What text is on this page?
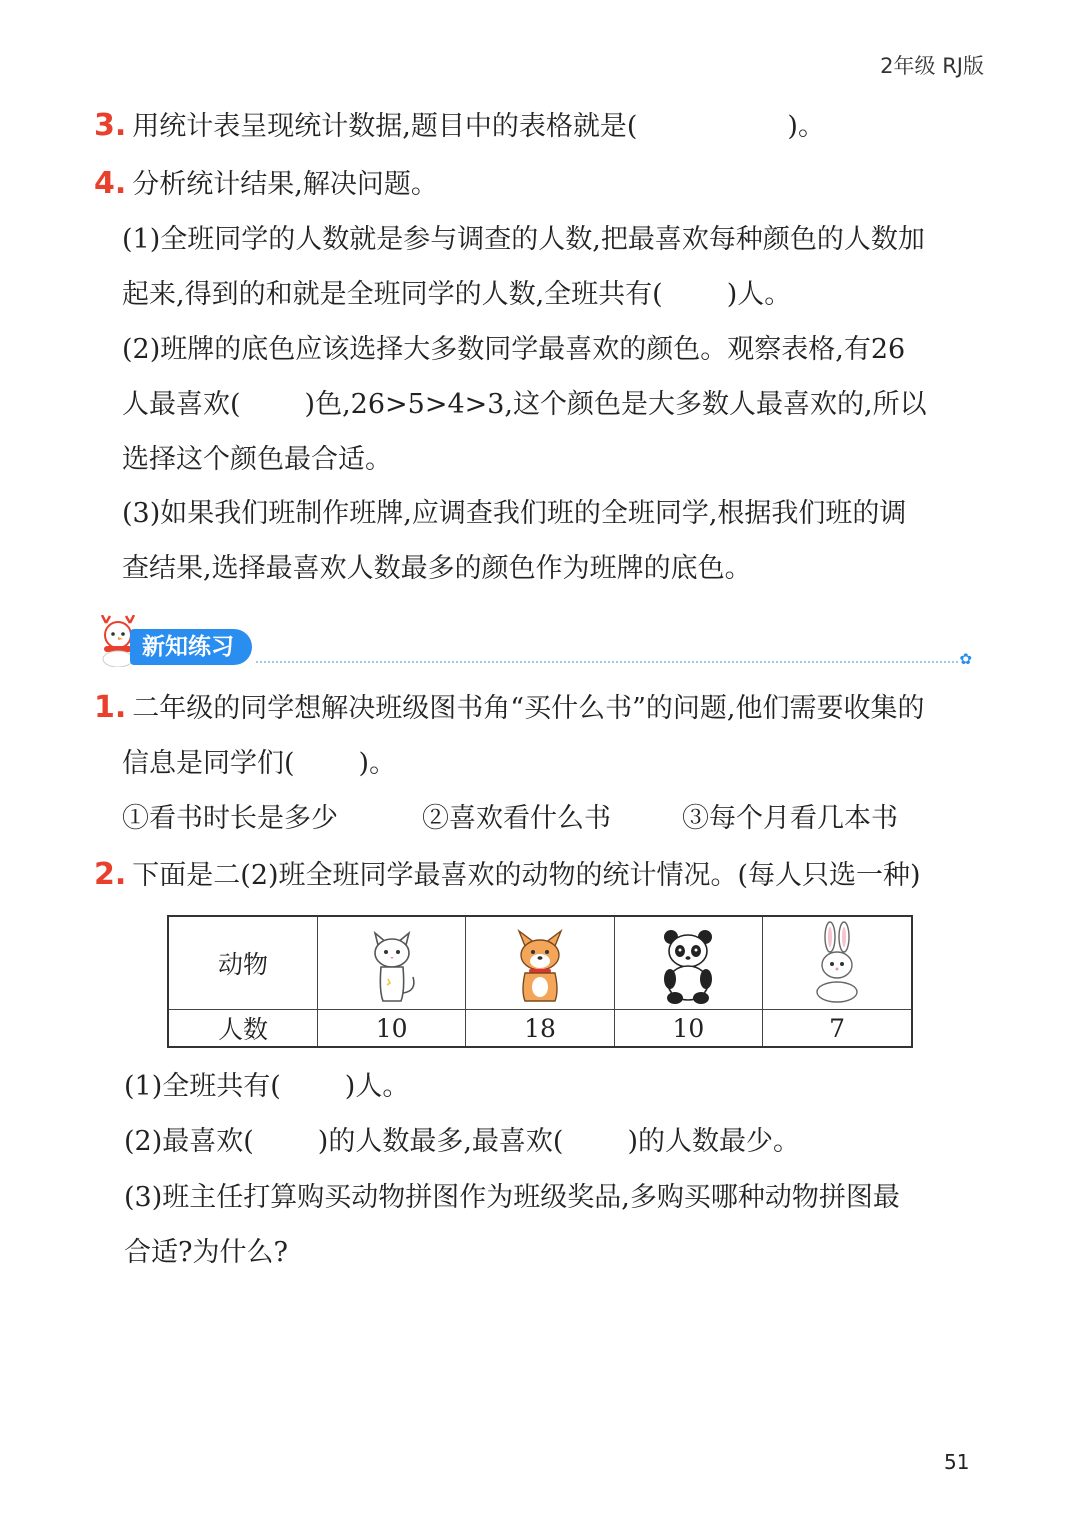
2年级 RJ版
3. 用统计表呈现统计数据,题目中的表格就是(	)。
4. 分析统计结果,解决问题。
(1)全班同学的人数就是参与调查的人数,把最喜欢每种颜色的人数加
起来,得到的和就是全班同学的人数,全班共有( )人。
(2)班牌的底色应该选择大多数同学最喜欢的颜色。观察表格,有26
人最喜欢( )色,26>5>4>3,这个颜色是大多数人最喜欢的,所以
选择这个颜色最合适。
(3)如果我们班制作班牌,应调查我们班的全班同学,根据我们班的调
查结果,选择最喜欢人数最多的颜色作为班牌的底色。
新知练习	✿
1. 二年级的同学想解决班级图书角“买什么书”的问题,他们需要收集的
信息是同学们( )。
①看书时长是多少	②喜欢看什么书	③每个月看几本书
2. 下面是二(2)班全班同学最喜欢的动物的统计情况。(每人只选一种)
动物	

人数	10	18	10	7
(1)全班共有( )人。
(2)最喜欢( )的人数最多,最喜欢( )的人数最少。
(3)班主任打算购买动物拼图作为班级奖品,多购买哪种动物拼图最
合适?为什么?
51
